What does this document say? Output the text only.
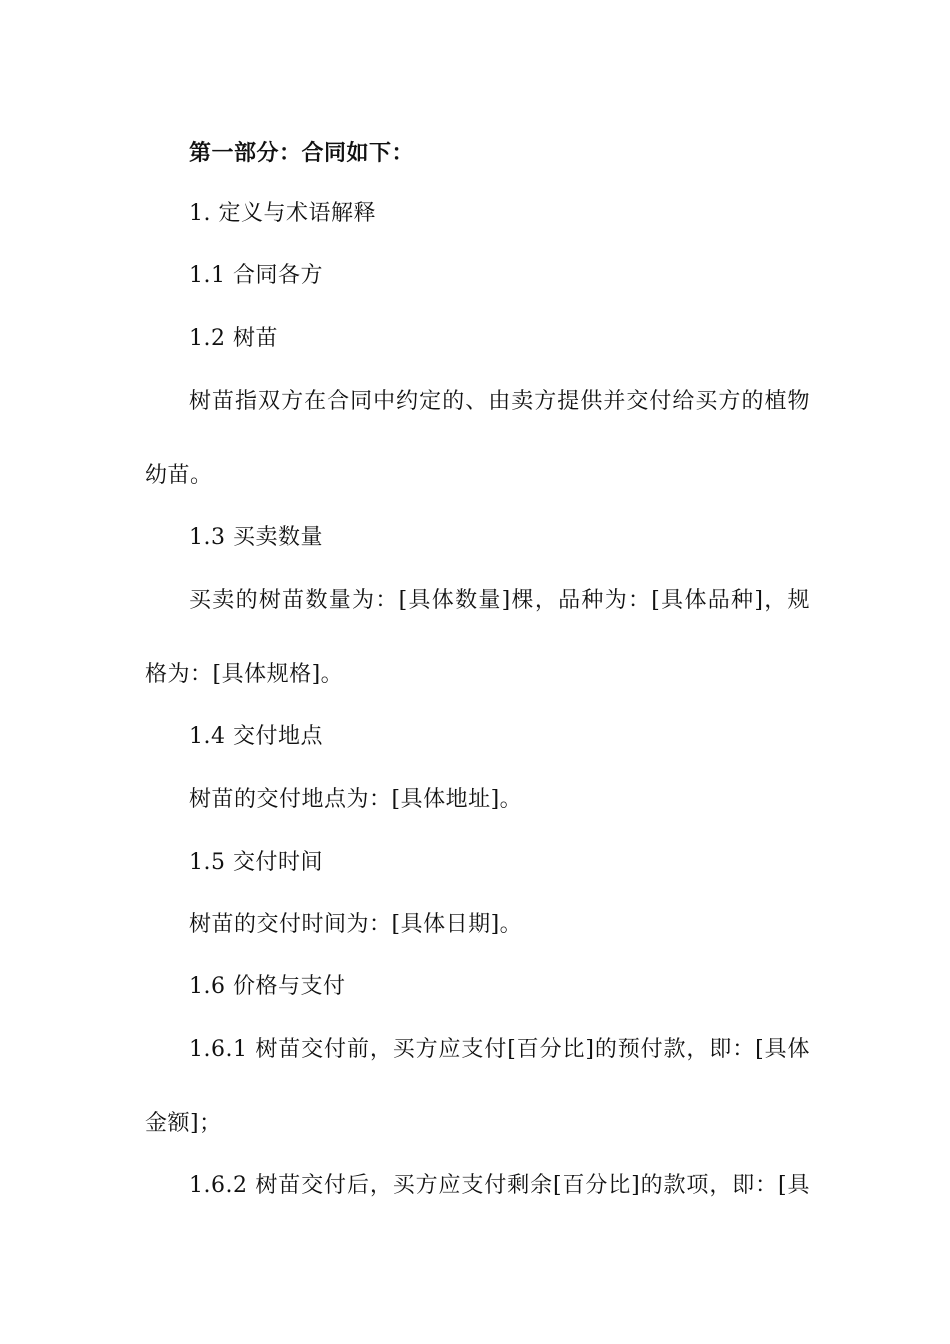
第一部分：合同如下：
1. 定义与术语解释
1.1 合同各方
1.2 树苗
树苗指双方在合同中约定的、由卖方提供并交付给买方的植物
幼苗。
1.3 买卖数量
买卖的树苗数量为：[具体数量]棵，品种为：[具体品种]，规
格为：[具体规格]。
1.4 交付地点
树苗的交付地点为：[具体地址]。
1.5 交付时间
树苗的交付时间为：[具体日期]。
1.6 价格与支付
1.6.1 树苗交付前，买方应支付[百分比]的预付款，即：[具体
金额]；
1.6.2 树苗交付后，买方应支付剩余[百分比]的款项，即：[具
